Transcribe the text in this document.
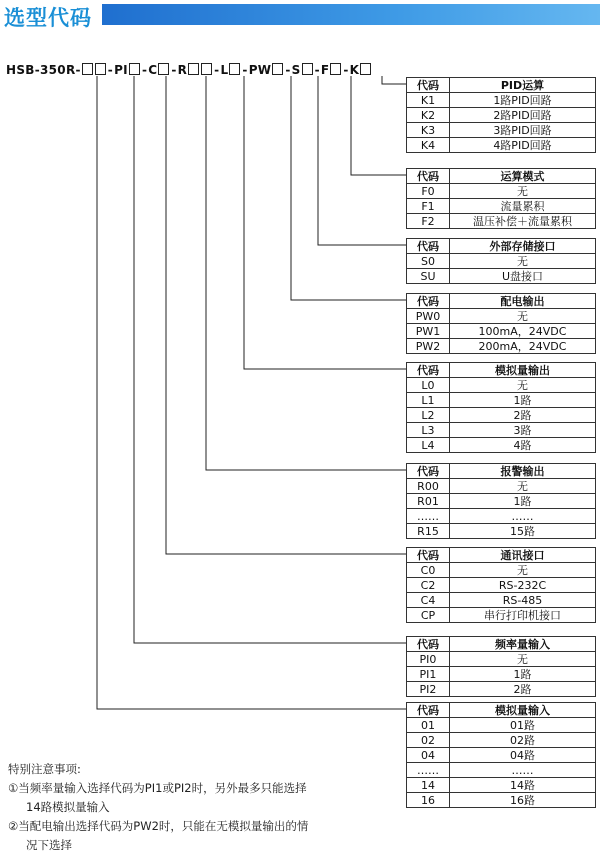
选型代码
HSB-350R- -PI -C -R -L -PW -S -F -K
代码	PID运算
K1	1路PID回路
K2	2路PID回路
K3	3路PID回路
K4	4路PID回路
代码	运算模式
F0	无
F1	流量累积
F2	温压补偿＋流量累积
代码	外部存储接口
S0	无
SU	U盘接口
代码	配电输出
PW0	无
PW1	100mA，24VDC
PW2	200mA，24VDC
代码	模拟量输出
L0	无
L1	1路
L2	2路
L3	3路
L4	4路
代码	报警输出
R00	无
R01	1路
……	……
R15	15路
代码	通讯接口
C0	无
C2	RS-232C
C4	RS-485
CP	串行打印机接口
代码	频率量输入
PI0	无
PI1	1路
PI2	2路
代码	模拟量输入
01	01路
02	02路
04	04路
……	……
14	14路
16	16路
特别注意事项:
①当频率量输入选择代码为PI1或PI2时，另外最多只能选择
14路模拟量输入
②当配电输出选择代码为PW2时，只能在无模拟量输出的情
况下选择
